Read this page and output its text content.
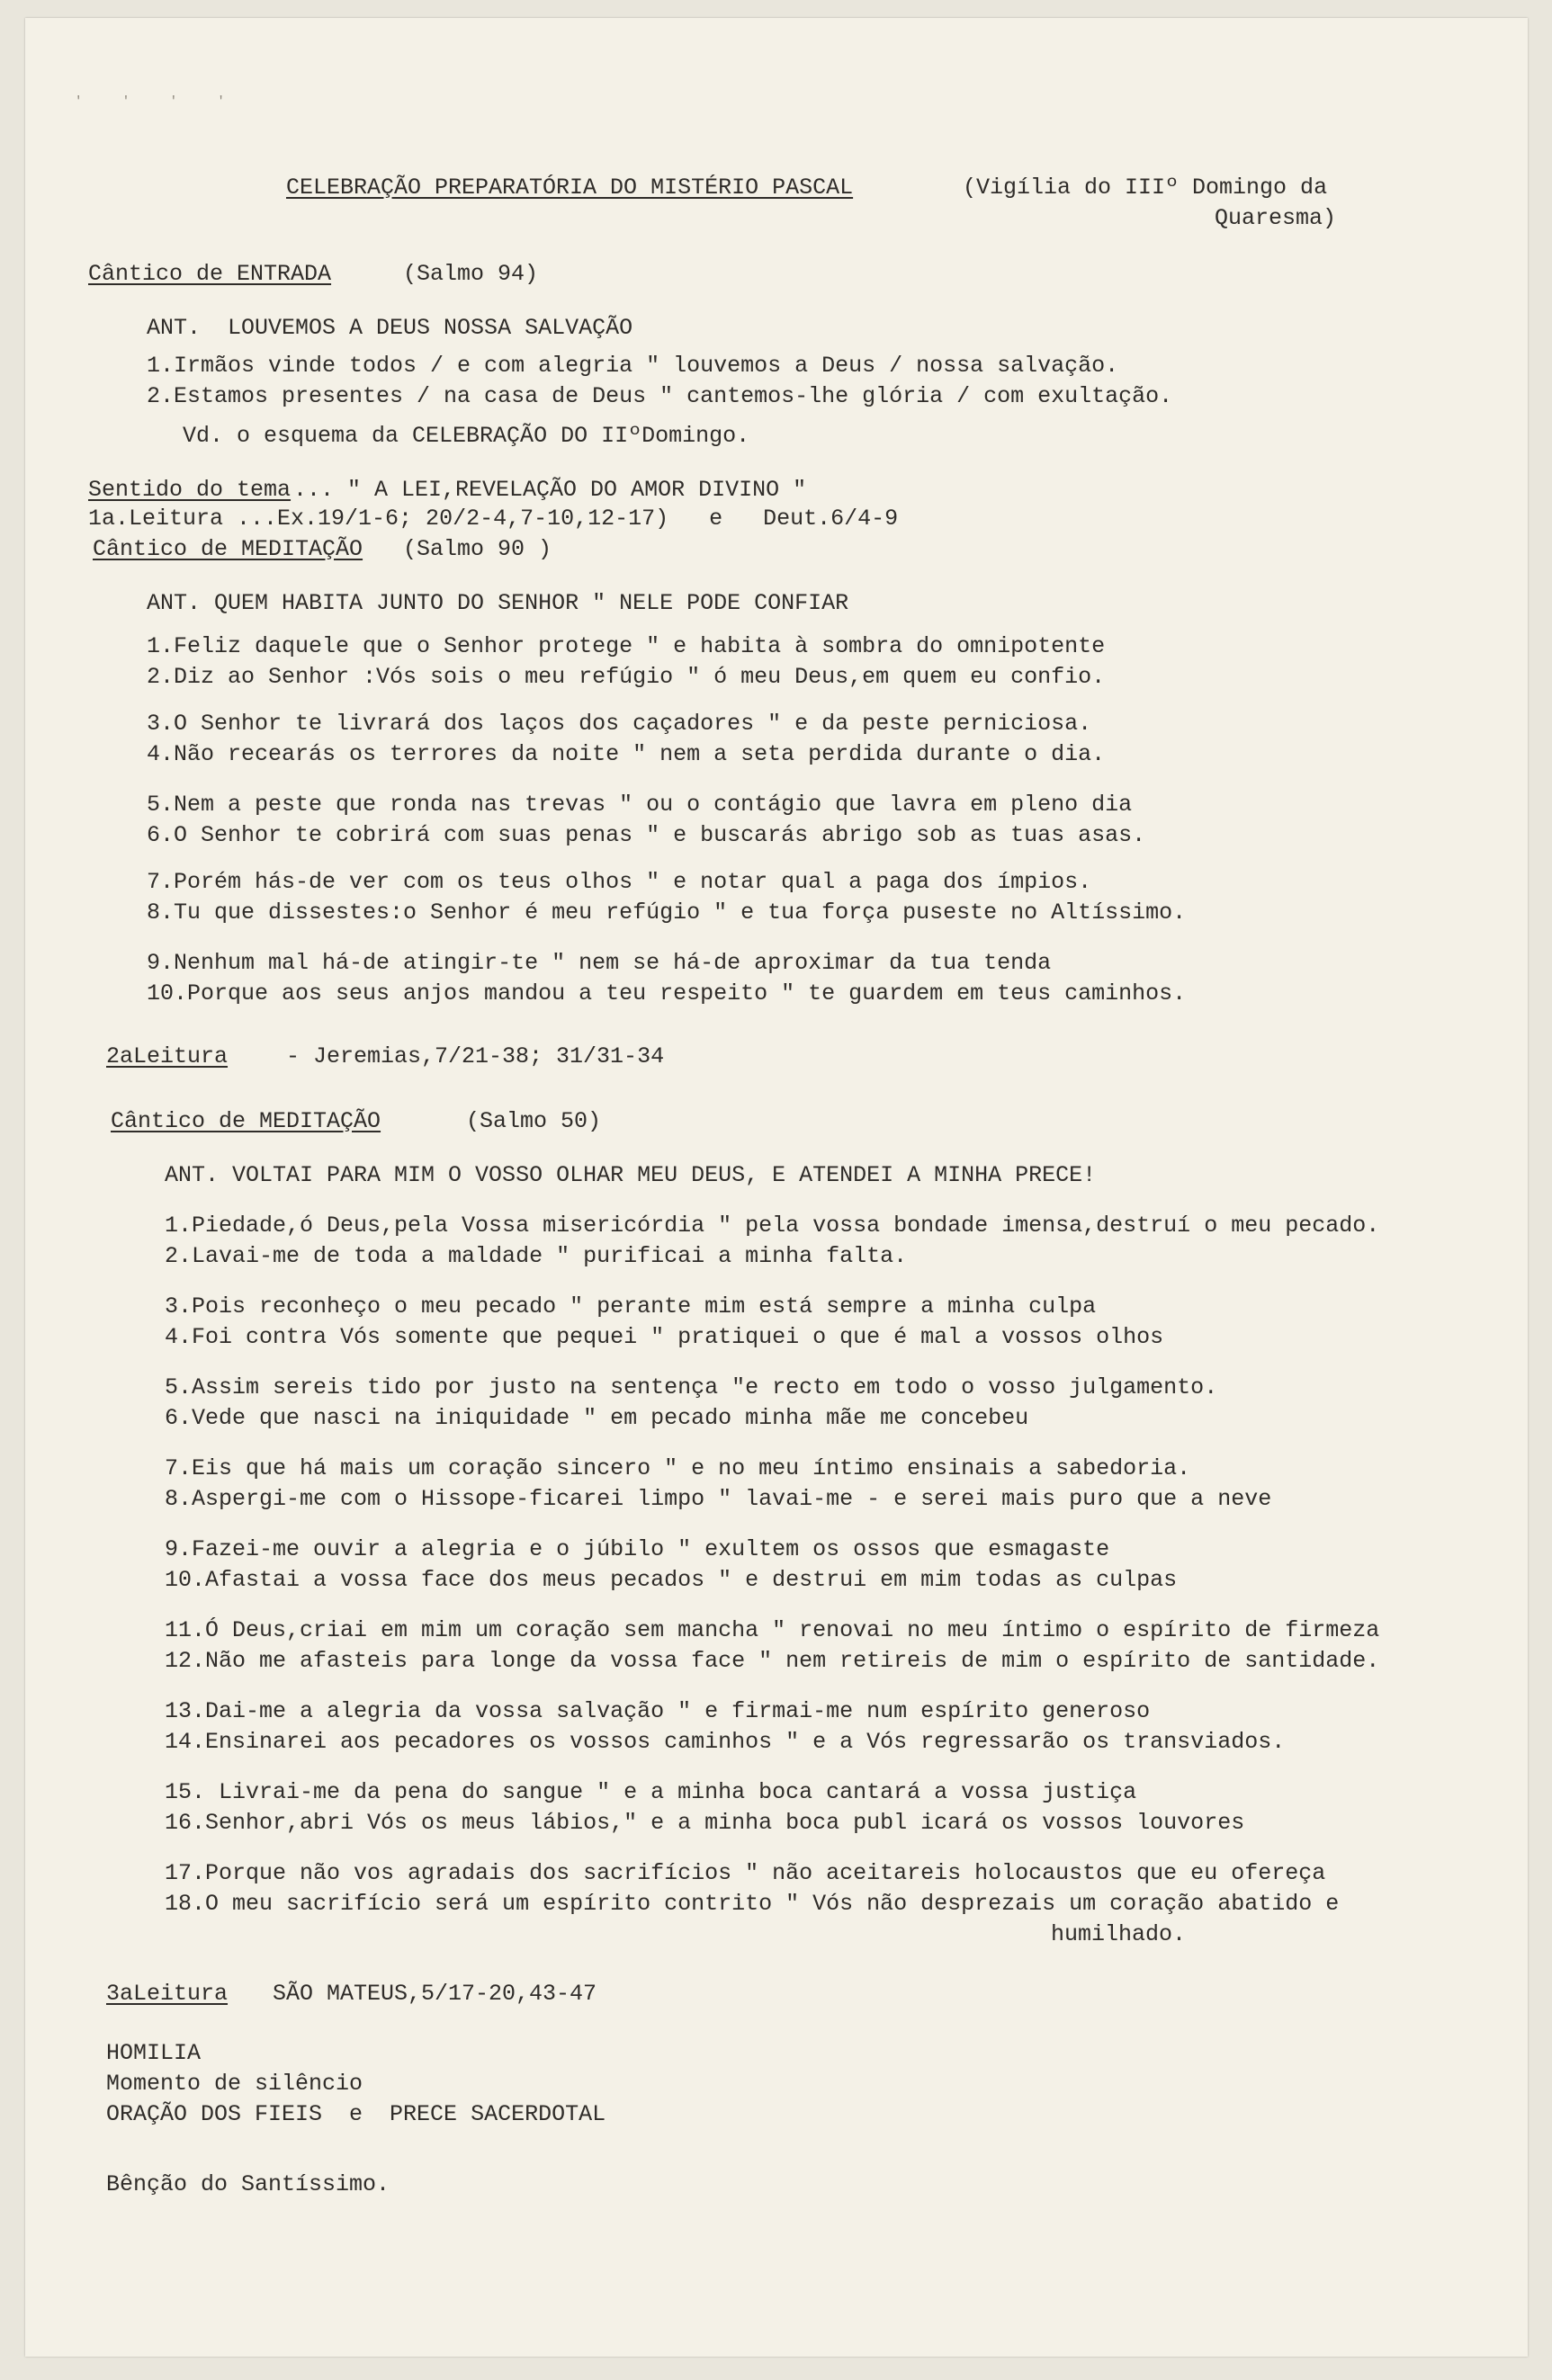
' ' ' '
CELEBRAÇÃO PREPARATÓRIA DO MISTÉRIO PASCAL	(Vigília do IIIº Domingo da
Quaresma)
Cântico de ENTRADA	(Salmo 94)
ANT.  LOUVEMOS A DEUS NOSSA SALVAÇÃO
1.Irmãos vinde todos / e com alegria " louvemos a Deus / nossa salvação.
2.Estamos presentes / na casa de Deus " cantemos-lhe glória / com exultação.
Vd. o esquema da CELEBRAÇÃO DO IIºDomingo.
Sentido do tema ... " A LEI,REVELAÇÃO DO AMOR DIVINO "
1a.Leitura ...Ex.19/1-6; 20/2-4,7-10,12-17)   e   Deut.6/4-9
Cântico de MEDITAÇÃO (Salmo 90 )
ANT. QUEM HABITA JUNTO DO SENHOR " NELE PODE CONFIAR
1.Feliz daquele que o Senhor protege " e habita à sombra do omnipotente
2.Diz ao Senhor :Vós sois o meu refúgio " ó meu Deus,em quem eu confio.
3.O Senhor te livrará dos laços dos caçadores " e da peste perniciosa.
4.Não recearás os terrores da noite " nem a seta perdida durante o dia.
5.Nem a peste que ronda nas trevas " ou o contágio que lavra em pleno dia
6.O Senhor te cobrirá com suas penas " e buscarás abrigo sob as tuas asas.
7.Porém hás-de ver com os teus olhos " e notar qual a paga dos ímpios.
8.Tu que dissestes:o Senhor é meu refúgio " e tua força puseste no Altíssimo.
9.Nenhum mal há-de atingir-te " nem se há-de aproximar da tua tenda
10.Porque aos seus anjos mandou a teu respeito " te guardem em teus caminhos.
2aLeitura	- Jeremias,7/21-38; 31/31-34
Cântico de MEDITAÇÃO	(Salmo 50)
ANT. VOLTAI PARA MIM O VOSSO OLHAR MEU DEUS, E ATENDEI A MINHA PRECE!
1.Piedade,ó Deus,pela Vossa misericórdia " pela vossa bondade imensa,destruí o meu pecado.
2.Lavai-me de toda a maldade " purificai a minha falta.
3.Pois reconheço o meu pecado " perante mim está sempre a minha culpa
4.Foi contra Vós somente que pequei " pratiquei o que é mal a vossos olhos
5.Assim sereis tido por justo na sentença "e recto em todo o vosso julgamento.
6.Vede que nasci na iniquidade " em pecado minha mãe me concebeu
7.Eis que há mais um coração sincero " e no meu íntimo ensinais a sabedoria.
8.Aspergi-me com o Hissope-ficarei limpo " lavai-me - e serei mais puro que a neve
9.Fazei-me ouvir a alegria e o júbilo " exultem os ossos que esmagaste
10.Afastai a vossa face dos meus pecados " e destrui em mim todas as culpas
11.Ó Deus,criai em mim um coração sem mancha " renovai no meu íntimo o espírito de firmeza
12.Não me afasteis para longe da vossa face " nem retireis de mim o espírito de santidade.
13.Dai-me a alegria da vossa salvação " e firmai-me num espírito generoso
14.Ensinarei aos pecadores os vossos caminhos " e a Vós regressarão os transviados.
15. Livrai-me da pena do sangue " e a minha boca cantará a vossa justiça
16.Senhor,abri Vós os meus lábios," e a minha boca publ icará os vossos louvores
17.Porque não vos agradais dos sacrifícios " não aceitareis holocaustos que eu ofereça
18.O meu sacrifício será um espírito contrito " Vós não desprezais um coração abatido e
humilhado.
3aLeitura SÃO MATEUS,5/17-20,43-47
HOMILIA
Momento de silêncio
ORAÇÃO DOS FIEIS  e  PRECE SACERDOTAL
Bênção do Santíssimo.
